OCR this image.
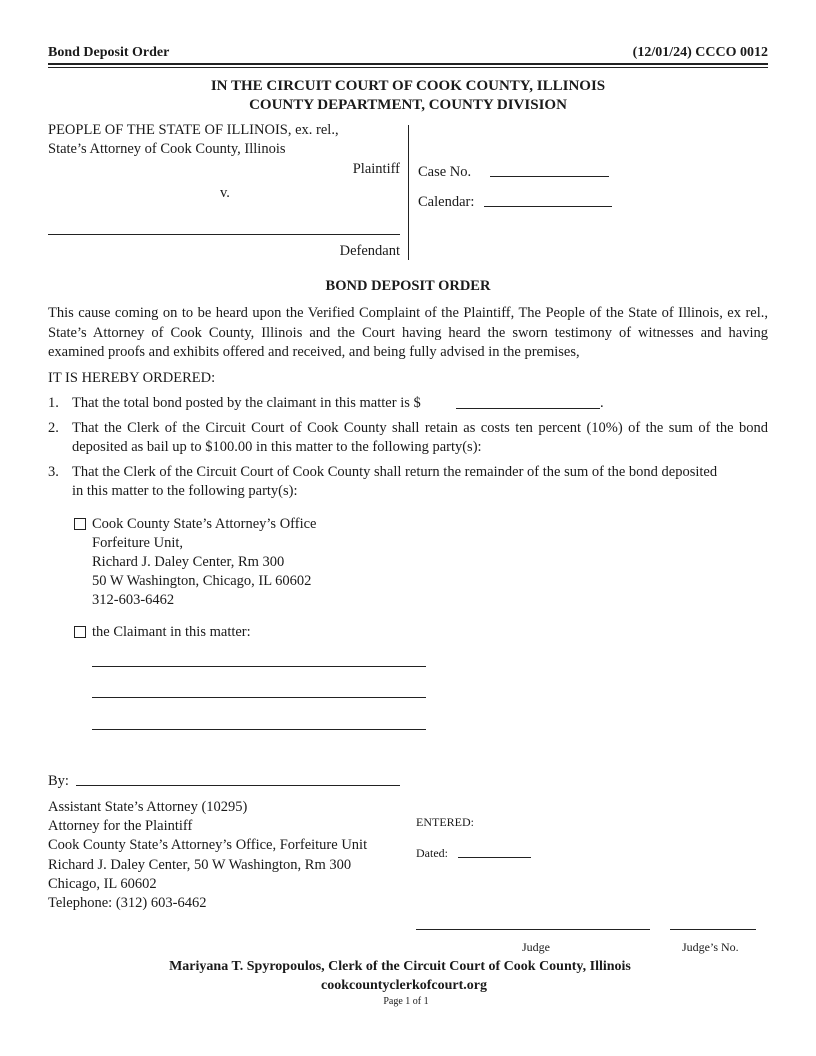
Bond Deposit Order	(12/01/24) CCCO 0012
IN THE CIRCUIT COURT OF COOK COUNTY, ILLINOIS
COUNTY DEPARTMENT, COUNTY DIVISION
PEOPLE OF THE STATE OF ILLINOIS, ex. rel.,
State’s Attorney of Cook County, Illinois
Plaintiff
v.
Defendant
Case No.
Calendar:
BOND DEPOSIT ORDER
This cause coming on to be heard upon the Verified Complaint of the Plaintiff, The People of the State of Illinois, ex rel., State’s Attorney of Cook County, Illinois and the Court having heard the sworn testimony of witnesses and having examined proofs and exhibits offered and received, and being fully advised in the premises,
IT IS HEREBY ORDERED:
1. That the total bond posted by the claimant in this matter is $	.
2. That the Clerk of the Circuit Court of Cook County shall retain as costs ten percent (10%) of the sum of the bond deposited as bail up to $100.00 in this matter to the following party(s):
3. That the Clerk of the Circuit Court of Cook County shall return the remainder of the sum of the bond deposited in this matter to the following party(s):
Cook County State’s Attorney’s Office
Forfeiture Unit,
Richard J. Daley Center, Rm 300
50 W Washington, Chicago, IL 60602
312-603-6462
the Claimant in this matter:
By:
Assistant State’s Attorney (10295)
Attorney for the Plaintiff
Cook County State’s Attorney’s Office, Forfeiture Unit
Richard J. Daley Center, 50 W Washington, Rm 300
Chicago, IL 60602
Telephone: (312) 603-6462
ENTERED:
Dated:
Judge	Judge’s No.
Mariyana T. Spyropoulos, Clerk of the Circuit Court of Cook County, Illinois
cookcountyclerkofcourt.org
Page 1 of 1
